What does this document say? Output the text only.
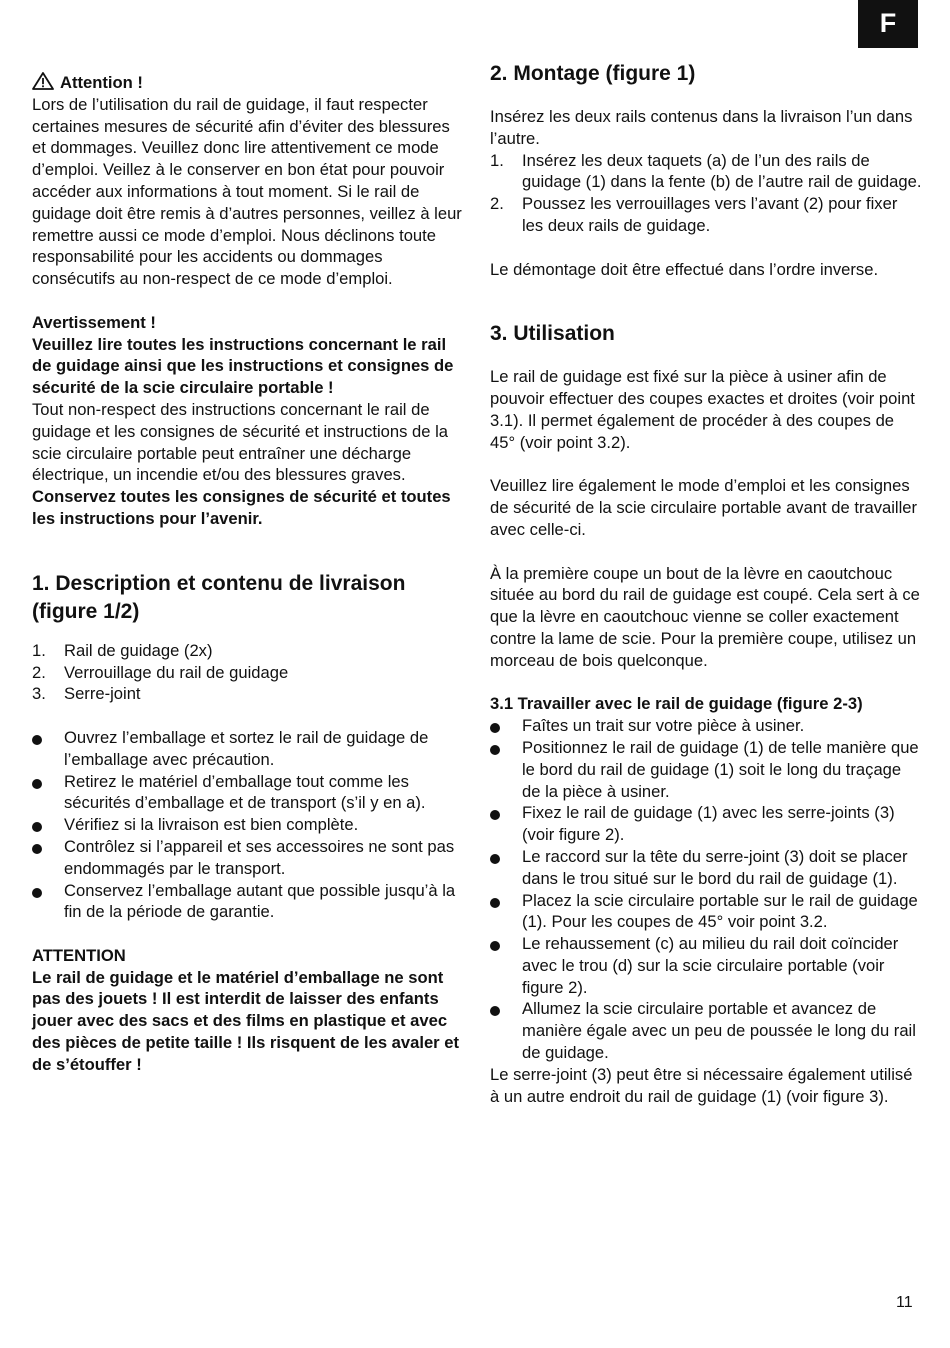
F

Attention !

Lors de l’utilisation du rail de guidage, il faut respecter certaines mesures de sécurité afin d’éviter des blessures et dommages. Veuillez donc lire attentivement ce mode d’emploi. Veillez à le conserver en bon état pour pouvoir accéder aux informations à tout moment. Si le rail de guidage doit être remis à d’autres personnes, veillez à leur remettre aussi ce mode d’emploi. Nous déclinons toute responsabilité pour les accidents ou dommages consécutifs au non-respect de ce mode d’emploi.

Avertissement !

Veuillez lire toutes les instructions concernant le rail de guidage ainsi que les instructions et consignes de sécurité de la scie circulaire portable !

Tout non-respect des instructions concernant le rail de guidage et les consignes de sécurité et instructions de la scie circulaire portable peut entraîner une décharge électrique, un incendie et/ou des blessures graves.

Conservez toutes les consignes de sécurité et toutes les instructions pour l’avenir.

1. Description et contenu de livraison (figure 1/2)
1. Rail de guidage (2x)
2. Verrouillage du rail de guidage
3. Serre-joint
Ouvrez l’emballage et sortez le rail de guidage de l’emballage avec précaution.
Retirez le matériel d’emballage tout comme les sécurités d’emballage et de transport (s’il y en a).
Vérifiez si la livraison est bien complète.
Contrôlez si l’appareil et ses accessoires ne sont pas endommagés par le transport.
Conservez l’emballage autant que possible jusqu’à la fin de la période de garantie.

ATTENTION

Le rail de guidage et le matériel d’emballage ne sont pas des jouets ! Il est interdit de laisser des enfants jouer avec des sacs et des films en plastique et avec des pièces de petite taille ! Ils risquent de les avaler et de s’étouffer !

2. Montage (figure 1)

Insérez les deux rails contenus dans la livraison l’un dans l’autre.

1. Insérez les deux taquets (a) de l’un des rails de guidage (1) dans la fente (b) de l’autre rail de guidage.
2. Poussez les verrouillages vers l’avant (2) pour fixer les deux rails de guidage.

Le démontage doit être effectué dans l’ordre inverse.

3. Utilisation

Le rail de guidage est fixé sur la pièce à usiner afin de pouvoir effectuer des coupes exactes et droites (voir point 3.1). Il permet également de procéder à des coupes de 45° (voir point 3.2).

Veuillez lire également le mode d’emploi et les consignes de sécurité de la scie circulaire portable avant de travailler avec celle-ci.

À la première coupe un bout de la lèvre en caoutchouc située au bord du rail de guidage est coupé. Cela sert à ce que la lèvre en caoutchouc vienne se coller exactement contre la lame de scie. Pour la première coupe, utilisez un morceau de bois quelconque.

3.1 Travailler avec le rail de guidage (figure 2-3)

Faîtes un trait sur votre pièce à usiner.
Positionnez le rail de guidage (1) de telle manière que le bord du rail de guidage (1) soit le long du traçage de la pièce à usiner.
Fixez le rail de guidage (1) avec les serre-joints (3) (voir figure 2).
Le raccord sur la tête du serre-joint (3) doit se placer dans le trou situé sur le bord du rail de guidage (1).
Placez la scie circulaire portable sur le rail de guidage (1). Pour les coupes de 45° voir point 3.2.
Le rehaussement (c) au milieu du rail doit coïncider avec le trou (d) sur la scie circulaire portable (voir figure 2).
Allumez la scie circulaire portable et avancez de manière égale avec un peu de poussée le long du rail de guidage.

Le serre-joint (3) peut être si nécessaire également utilisé à un autre endroit du rail de guidage (1) (voir figure 3).

11
